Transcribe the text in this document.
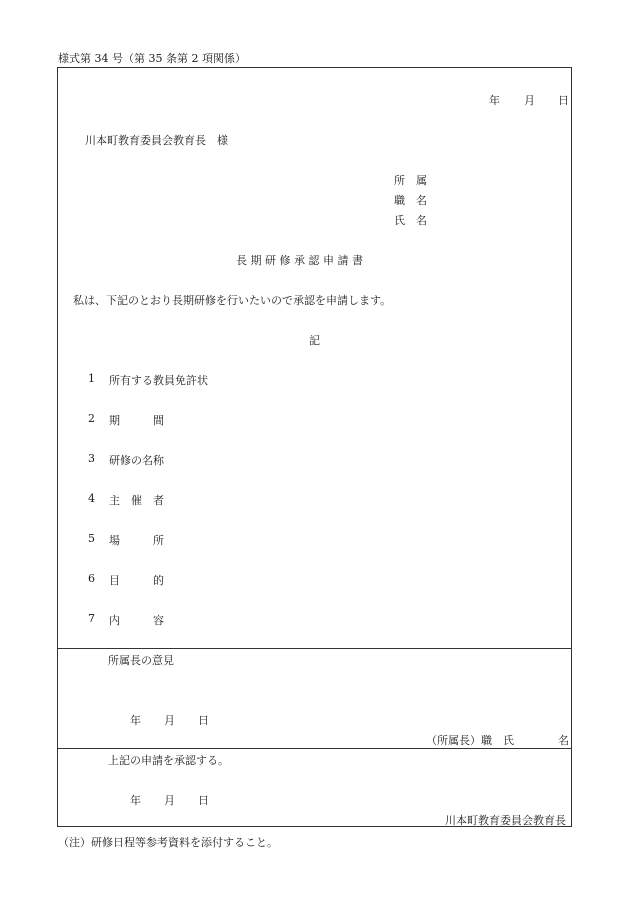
様式第 34 号（第 35 条第 2 項関係）
年 月 日
川本町教育委員会教育長　様
所　属
職　名
氏　名
長 期 研 修 承 認 申 請 書
私は、下記のとおり長期研修を行いたいので承認を申請します。
記
1 所有する教員免許状
2 期　　　間
3 研修の名称
4 主　催　者
5 場　　　所
6 目　　　的
7 内　　　容
所属長の意見
年 月 日
（所属長）職　氏	名
上記の申請を承認する。
年 月 日
川本町教育委員会教育長
（注）研修日程等参考資料を添付すること。
